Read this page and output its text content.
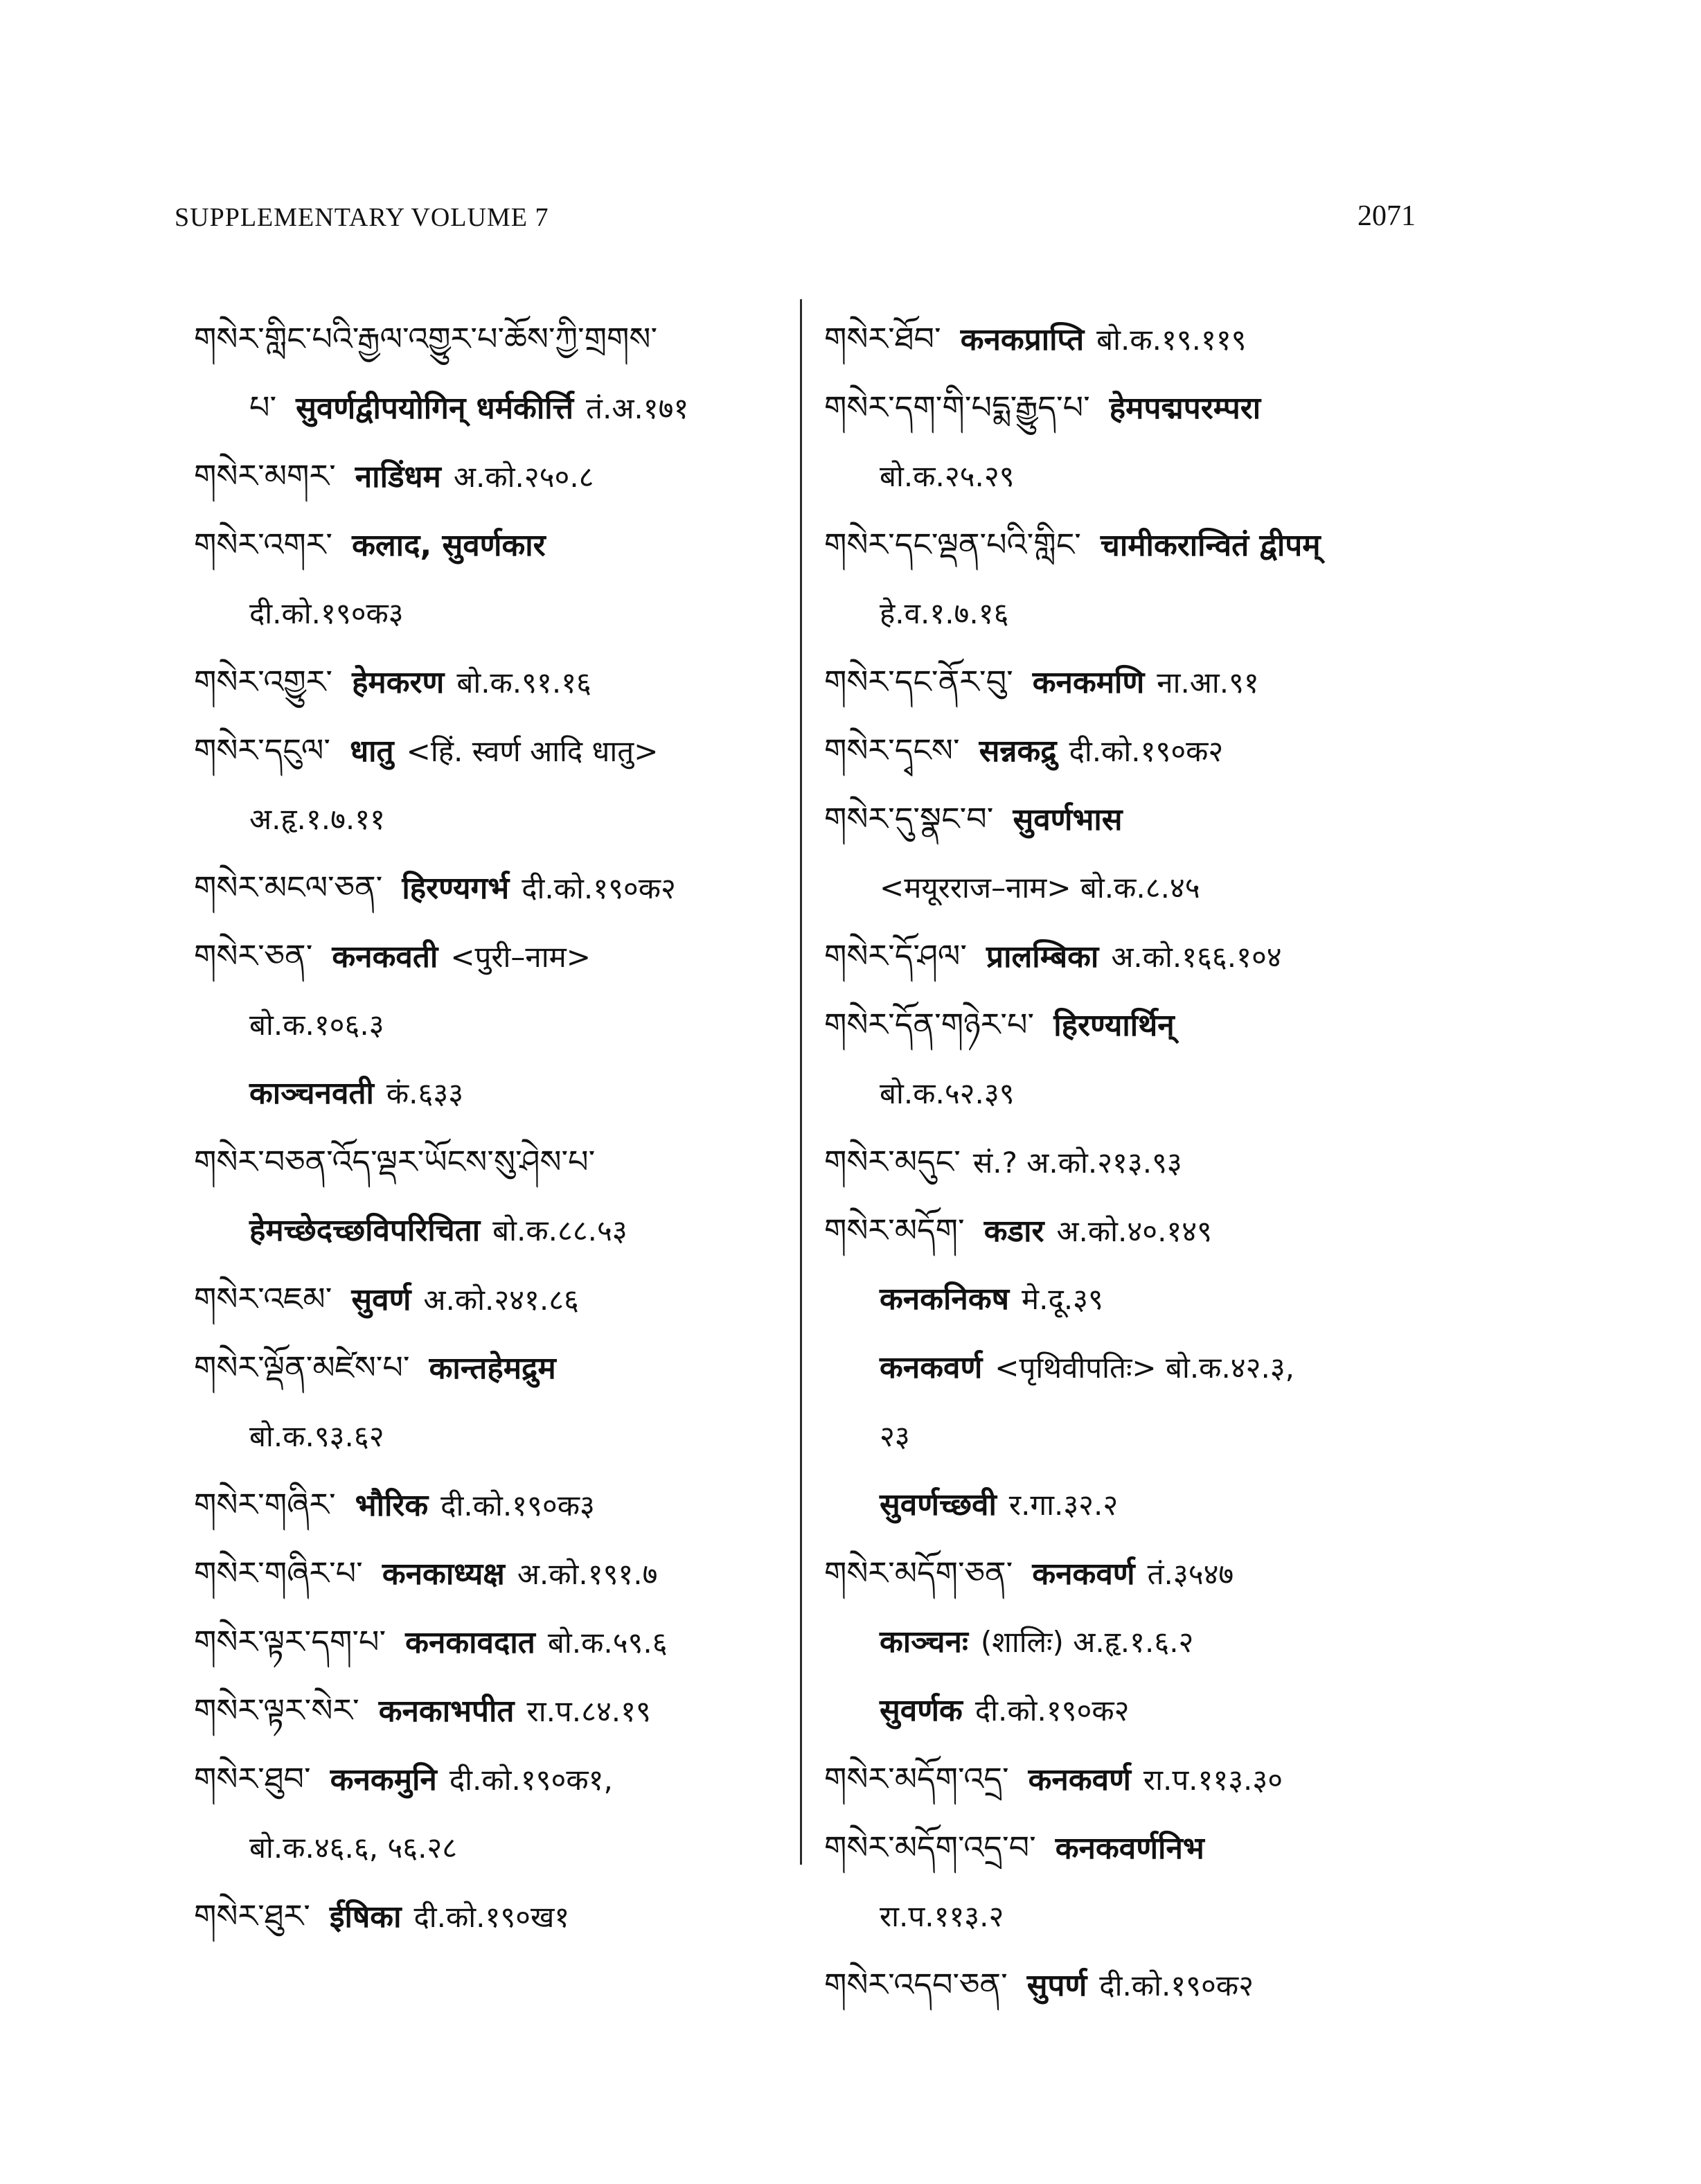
SUPPLEMENTARY VOLUME 7	2071
གསེར་གླིང་པའི་རྒྱལ་འགྱུར་པ་ཆོས་ཀྱི་གྲགས་
པ་ सुवर्णद्वीपयोगिन् धर्मकीर्त्ति तं.अ.१७१
གསེར་མགར་ नाडिंधम अ.को.२५०.८
གསེར་འགར་ कलाद, सुवर्णकार
दी.को.१९०क३
གསེར་འགྱུར་ हेमकरण बो.क.९१.१६
གསེར་དངུལ་ धातु <हिं. स्वर्ण आदि धातु>
अ.हृ.१.७.११
གསེར་མངལ་ཅན་ हिरण्यगर्भ दी.को.१९०क२
གསེར་ཅན་ कनकवती <पुरी–नाम>
बो.क.१०६.३
काञ्चनवती कं.६३३
གསེར་བཅན་འོད་ལྡར་ཡོངས་སུ་ཤེས་པ་
हेमच्छेदच्छविपरिचिता बो.क.८८.५३
གསེར་འཇམ་ सुवर्ण अ.को.२४१.८६
གསེར་ལྡོན་མཛེས་པ་ कान्तहेमद्रुम
बो.क.९३.६२
གསེར་གཞིར་ भौरिक दी.को.१९०क३
གསེར་གཞིར་པ་ कनकाध्यक्ष अ.को.१९१.७
གསེར་ལྟར་དག་པ་ कनकावदात बो.क.५९.६
གསེར་ལྟར་སེར་ कनकाभपीत रा.प.८४.१९
གསེར་ཐུབ་ कनकमुनि दी.को.१९०क१,
बो.क.४६.६, ५६.२८
གསེར་ཐུར་ ईषिका दी.को.१९०ख१
གསེར་ཐོབ་ कनकप्राप्ति बो.क.१९.११९
གསེར་དག་གི་པདྨ་རྒྱུད་པ་ हेमपद्मपरम्परा
बो.क.२५.२९
གསེར་དང་ལྡན་པའི་གླིང་ चामीकरान्वितं द्वीपम्
हे.व.१.७.१६
གསེར་དང་ནོར་བུ་ कनकमणि ना.आ.९१
གསེར་དྭངས་ सन्नकद्रु दी.को.१९०क२
གསེར་དུ་སྣང་བ་ सुवर्णभास
<मयूरराज–नाम> बो.क.८.४५
གསེར་དོ་ཤལ་ प्रालम्बिका अ.को.१६६.१०४
གསེར་དོན་གཉེར་པ་ हिरण्यार्थिन्
बो.क.५२.३९
གསེར་མདུང་ सं.? अ.को.२१३.९३
གསེར་མདོག་ कडार अ.को.४०.१४९
कनकनिकष मे.दू.३९
कनकवर्ण <पृथिवीपतिः> बो.क.४२.३,
२३
सुवर्णच्छवी र.गा.३२.२
གསེར་མདོག་ཅན་ कनकवर्ण तं.३५४७
काञ्चनः (शालिः) अ.हृ.१.६.२
सुवर्णक दी.को.१९०क२
གསེར་མདོག་འདྲ་ कनकवर्ण रा.प.११३.३०
གསེར་མདོག་འདྲ་བ་ कनकवर्णनिभ
रा.प.११३.२
གསེར་འདབ་ཅན་ सुपर्ण दी.को.१९०क२
